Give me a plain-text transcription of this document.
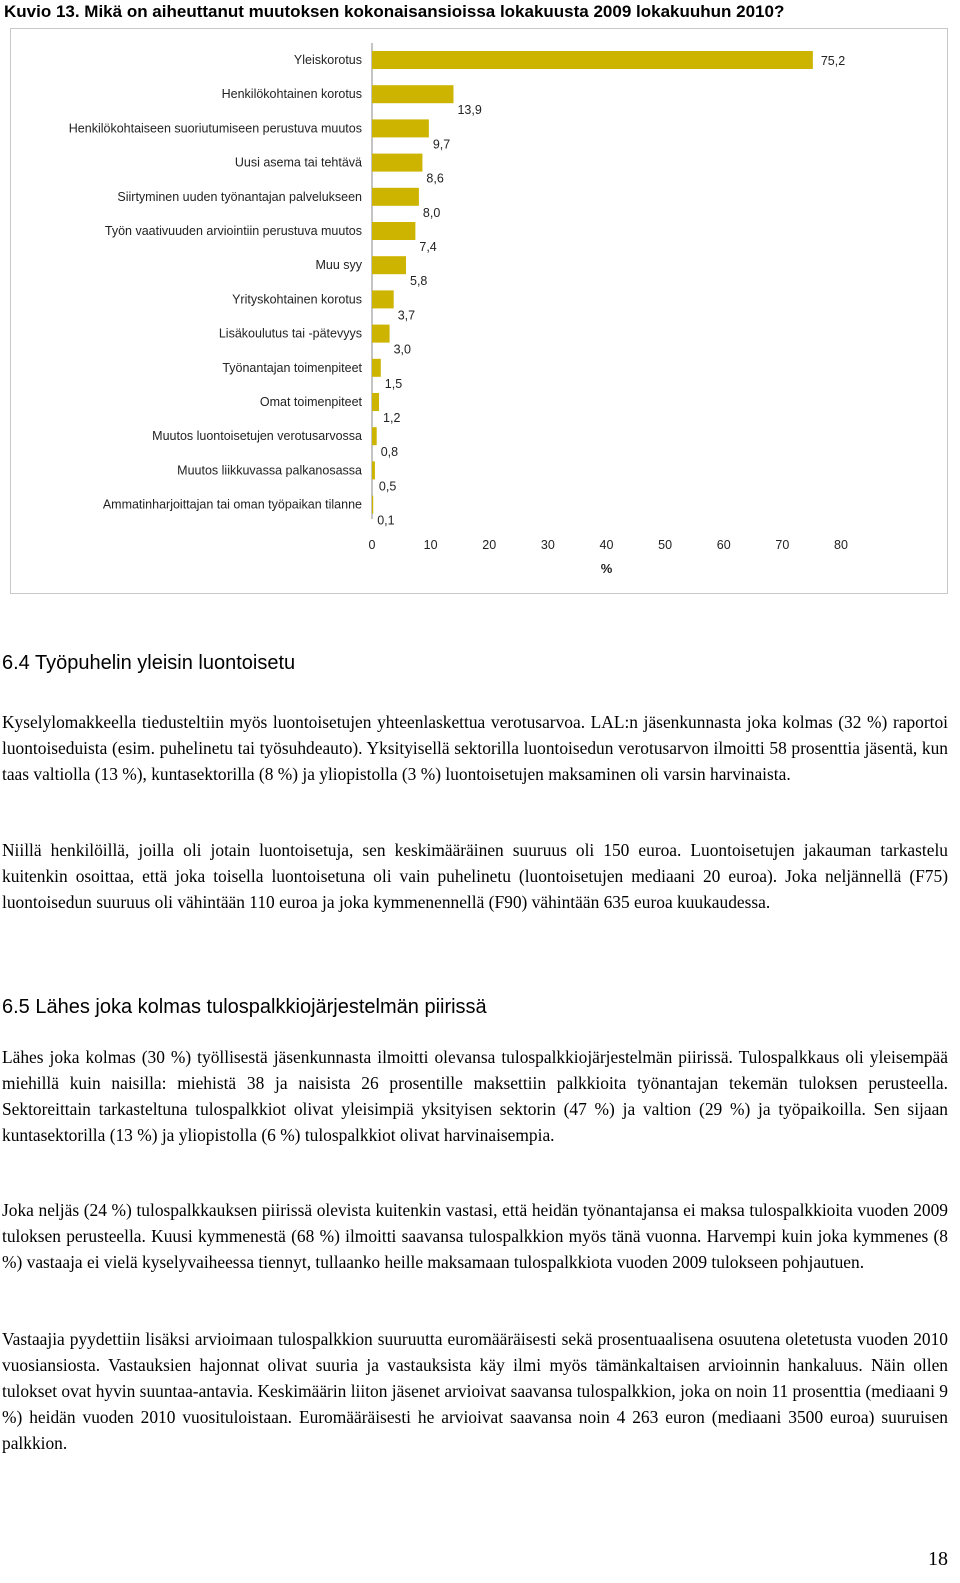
Kuvio 13. Mikä on aiheuttanut muutoksen kokonaisansioissa lokakuusta 2009 lokakuuhun 2010?
Yleiskorotus	75,2
Henkilökohtainen korotus
13,9
Henkilökohtaiseen suoriutumiseen perustuva muutos
9,7
Uusi asema tai tehtävä
8,6
Siirtyminen uuden työnantajan palvelukseen
8,0
Työn vaativuuden arviointiin perustuva muutos
7,4
Muu syy
5,8
Yrityskohtainen korotus
3,7
Lisäkoulutus tai -pätevyys
3,0
Työnantajan toimenpiteet
1,5
Omat toimenpiteet
1,2
Muutos luontoisetujen verotusarvossa
0,8
Muutos liikkuvassa palkanosassa
0,5
Ammatinharjoittajan tai oman työpaikan tilanne
0,1
0	10	20	30	40	50	60	70	80
%
6.4 Työpuhelin yleisin luontoisetu

Kyselylomakkeella tiedusteltiin myös luontoisetujen yhteenlaskettua verotusarvoa. LAL:n jäsenkunnasta joka kolmas (32 %) raportoi luontoiseduista (esim. puhelinetu tai työsuhdeauto). Yksityisellä sektorilla luontoisedun verotusarvon ilmoitti 58 prosenttia jäsentä, kun taas valtiolla (13 %), kuntasektorilla (8 %) ja yliopistolla (3 %) luontoisetujen maksaminen oli varsin harvinaista.

Niillä henkilöillä, joilla oli jotain luontoisetuja, sen keskimääräinen suuruus oli 150 euroa. Luontoisetujen jakauman tarkastelu kuitenkin osoittaa, että joka toisella luontoisetuna oli vain puhelinetu (luontoisetujen mediaani 20 euroa). Joka neljännellä (F75) luontoisedun suuruus oli vähintään 110 euroa ja joka kymmenennellä (F90) vähintään 635 euroa kuukaudessa.

6.5 Lähes joka kolmas tulospalkkiojärjestelmän piirissä

Lähes joka kolmas (30 %) työllisestä jäsenkunnasta ilmoitti olevansa tulospalkkiojärjestelmän piirissä. Tulospalkkaus oli yleisempää miehillä kuin naisilla: miehistä 38 ja naisista 26 prosentille maksettiin palkkioita työnantajan tekemän tuloksen perusteella. Sektoreittain tarkasteltuna tulospalkkiot olivat yleisimpiä yksityisen sektorin (47 %) ja valtion (29 %) ja työpaikoilla. Sen sijaan kuntasektorilla (13 %) ja yliopistolla (6 %) tulospalkkiot olivat harvinaisempia.

Joka neljäs (24 %) tulospalkkauksen piirissä olevista kuitenkin vastasi, että heidän työnantajansa ei maksa tulospalkkioita vuoden 2009 tuloksen perusteella. Kuusi kymmenestä (68 %) ilmoitti saavansa tulospalkkion myös tänä vuonna. Harvempi kuin joka kymmenes (8 %) vastaaja ei vielä kyselyvaiheessa tiennyt, tullaanko heille maksamaan tulospalkkiota vuoden 2009 tulokseen pohjautuen.

Vastaajia pyydettiin lisäksi arvioimaan tulospalkkion suuruutta euromääräisesti sekä prosentuaalisena osuutena oletetusta vuoden 2010 vuosiansiosta. Vastauksien hajonnat olivat suuria ja vastauksista käy ilmi myös tämänkaltaisen arvioinnin hankaluus. Näin ollen tulokset ovat hyvin suuntaa-antavia. Keskimäärin liiton jäsenet arvioivat saavansa tulospalkkion, joka on noin 11 prosenttia (mediaani 9 %) heidän vuoden 2010 vuosituloistaan. Euromääräisesti he arvioivat saavansa noin 4 263 euron (mediaani 3500 euroa) suuruisen palkkion.

18
